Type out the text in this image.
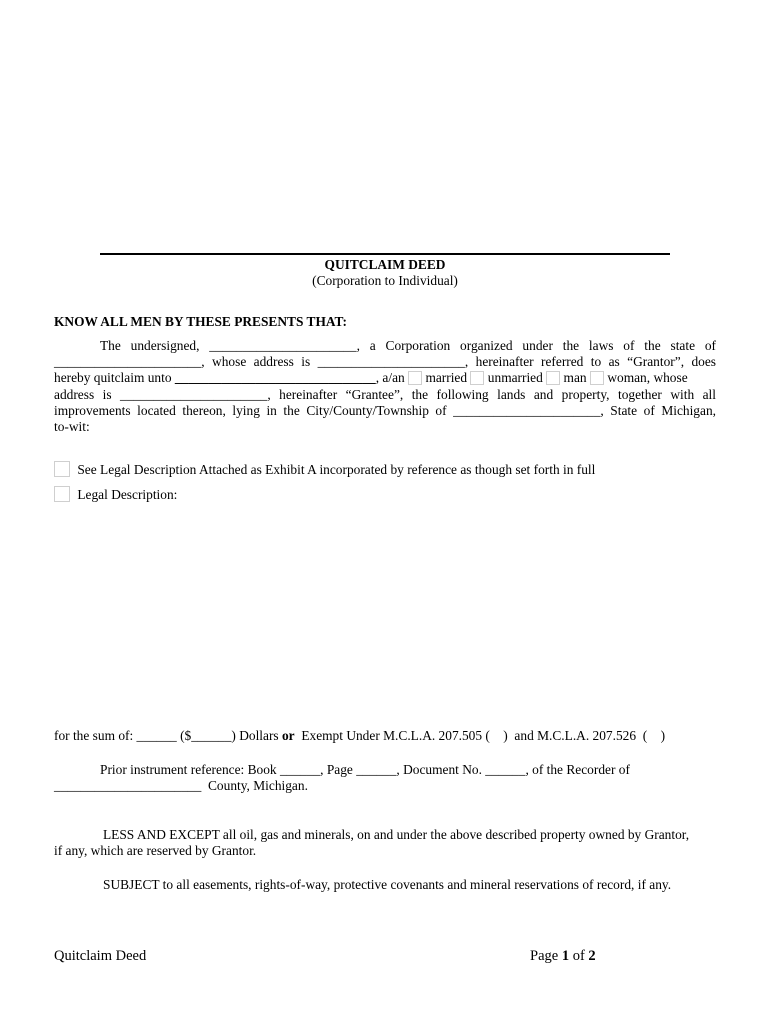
QUITCLAIM DEED
(Corporation to Individual)
KNOW ALL MEN BY THESE PRESENTS THAT:
The undersigned, ______________________, a Corporation organized under the laws of the state of
______________________, whose address is ______________________, hereinafter referred to as “Grantor”, does
hereby quitclaim unto ______________________________, a/an married unmarried man woman, whose
address is ______________________, hereinafter “Grantee”, the following lands and property, together with all
improvements located thereon, lying in the City/County/Township of ______________________, State of Michigan,
to-wit:
See Legal Description Attached as Exhibit A incorporated by reference as though set forth in full
Legal Description:
for the sum of: ______ ($______) Dollars or  Exempt Under M.C.L.A. 207.505 (    )  and M.C.L.A. 207.526  (    )
Prior instrument reference: Book ______, Page ______, Document No. ______, of the Recorder of
______________________  County, Michigan.
LESS AND EXCEPT all oil, gas and minerals, on and under the above described property owned by Grantor,
if any, which are reserved by Grantor.
SUBJECT to all easements, rights-of-way, protective covenants and mineral reservations of record, if any.
Quitclaim Deed	Page 1 of 2
